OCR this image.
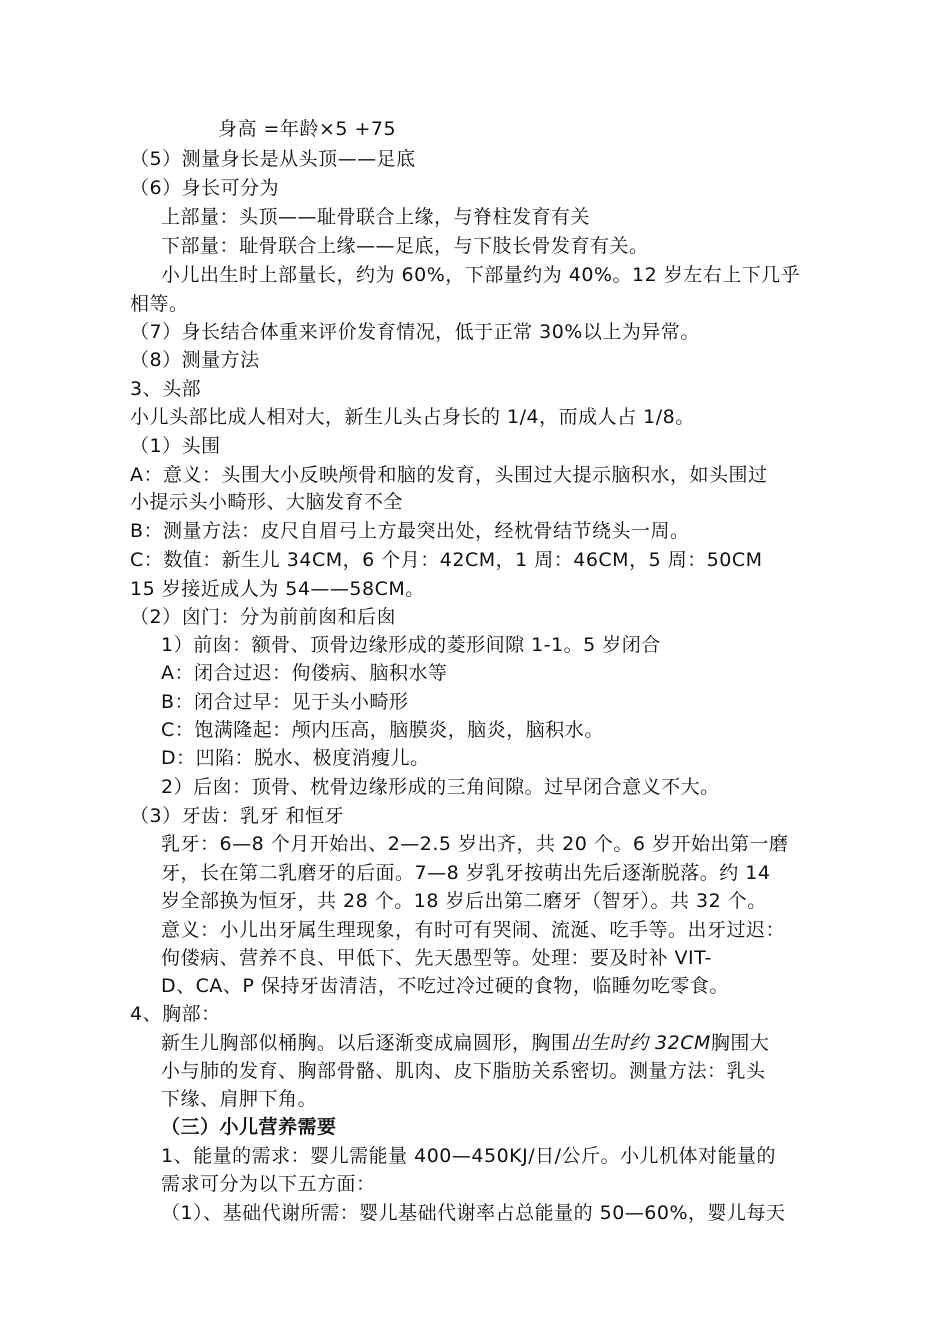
身高 =年龄×5 +75
（5）测量身长是从头顶——足底
（6）身长可分为
上部量：头顶——耻骨联合上缘，与脊柱发育有关
下部量：耻骨联合上缘——足底，与下肢长骨发育有关。
小儿出生时上部量长，约为 60%，下部量约为 40%。12 岁左右上下几乎
相等。
（7）身长结合体重来评价发育情况，低于正常 30%以上为异常。
（8）测量方法
3、头部
小儿头部比成人相对大，新生儿头占身长的 1/4，而成人占 1/8。
（1）头围
A：意义：头围大小反映颅骨和脑的发育，头围过大提示脑积水，如头围过
小提示头小畸形、大脑发育不全
B：测量方法：皮尺自眉弓上方最突出处，经枕骨结节绕头一周。
C：数值：新生儿 34CM，6 个月：42CM，1 周：46CM，5 周：50CM
15 岁接近成人为 54——58CM。
（2）囟门：分为前前囱和后囱
1）前囱：额骨、顶骨边缘形成的菱形间隙 1-1。5 岁闭合
A：闭合过迟：佝偻病、脑积水等
B：闭合过早：见于头小畸形
C：饱满隆起：颅内压高，脑膜炎，脑炎，脑积水。
D：凹陷：脱水、极度消瘦儿。
2）后囱：顶骨、枕骨边缘形成的三角间隙。过早闭合意义不大。
（3）牙齿：乳牙 和恒牙
乳牙：6—8 个月开始出、2—2.5 岁出齐，共 20 个。6 岁开始出第一磨
牙，长在第二乳磨牙的后面。7—8 岁乳牙按萌出先后逐渐脱落。约 14
岁全部换为恒牙，共 28 个。18 岁后出第二磨牙（智牙）。共 32 个。
意义：小儿出牙属生理现象，有时可有哭闹、流涎、吃手等。出牙过迟：
佝偻病、营养不良、甲低下、先天愚型等。处理：要及时补 VIT-
D、CA、P 保持牙齿清洁，不吃过冷过硬的食物，临睡勿吃零食。
4、胸部：
新生儿胸部似桶胸。以后逐渐变成扁圆形，胸围出生时约 32CM胸围大
小与肺的发育、胸部骨骼、肌肉、皮下脂肪关系密切。测量方法：乳头
下缘、肩胛下角。
（三）小儿营养需要
1、能量的需求：婴儿需能量 400—450KJ/日/公斤。小儿机体对能量的
需求可分为以下五方面：
（1）、基础代谢所需：婴儿基础代谢率占总能量的 50—60%，婴儿每天
